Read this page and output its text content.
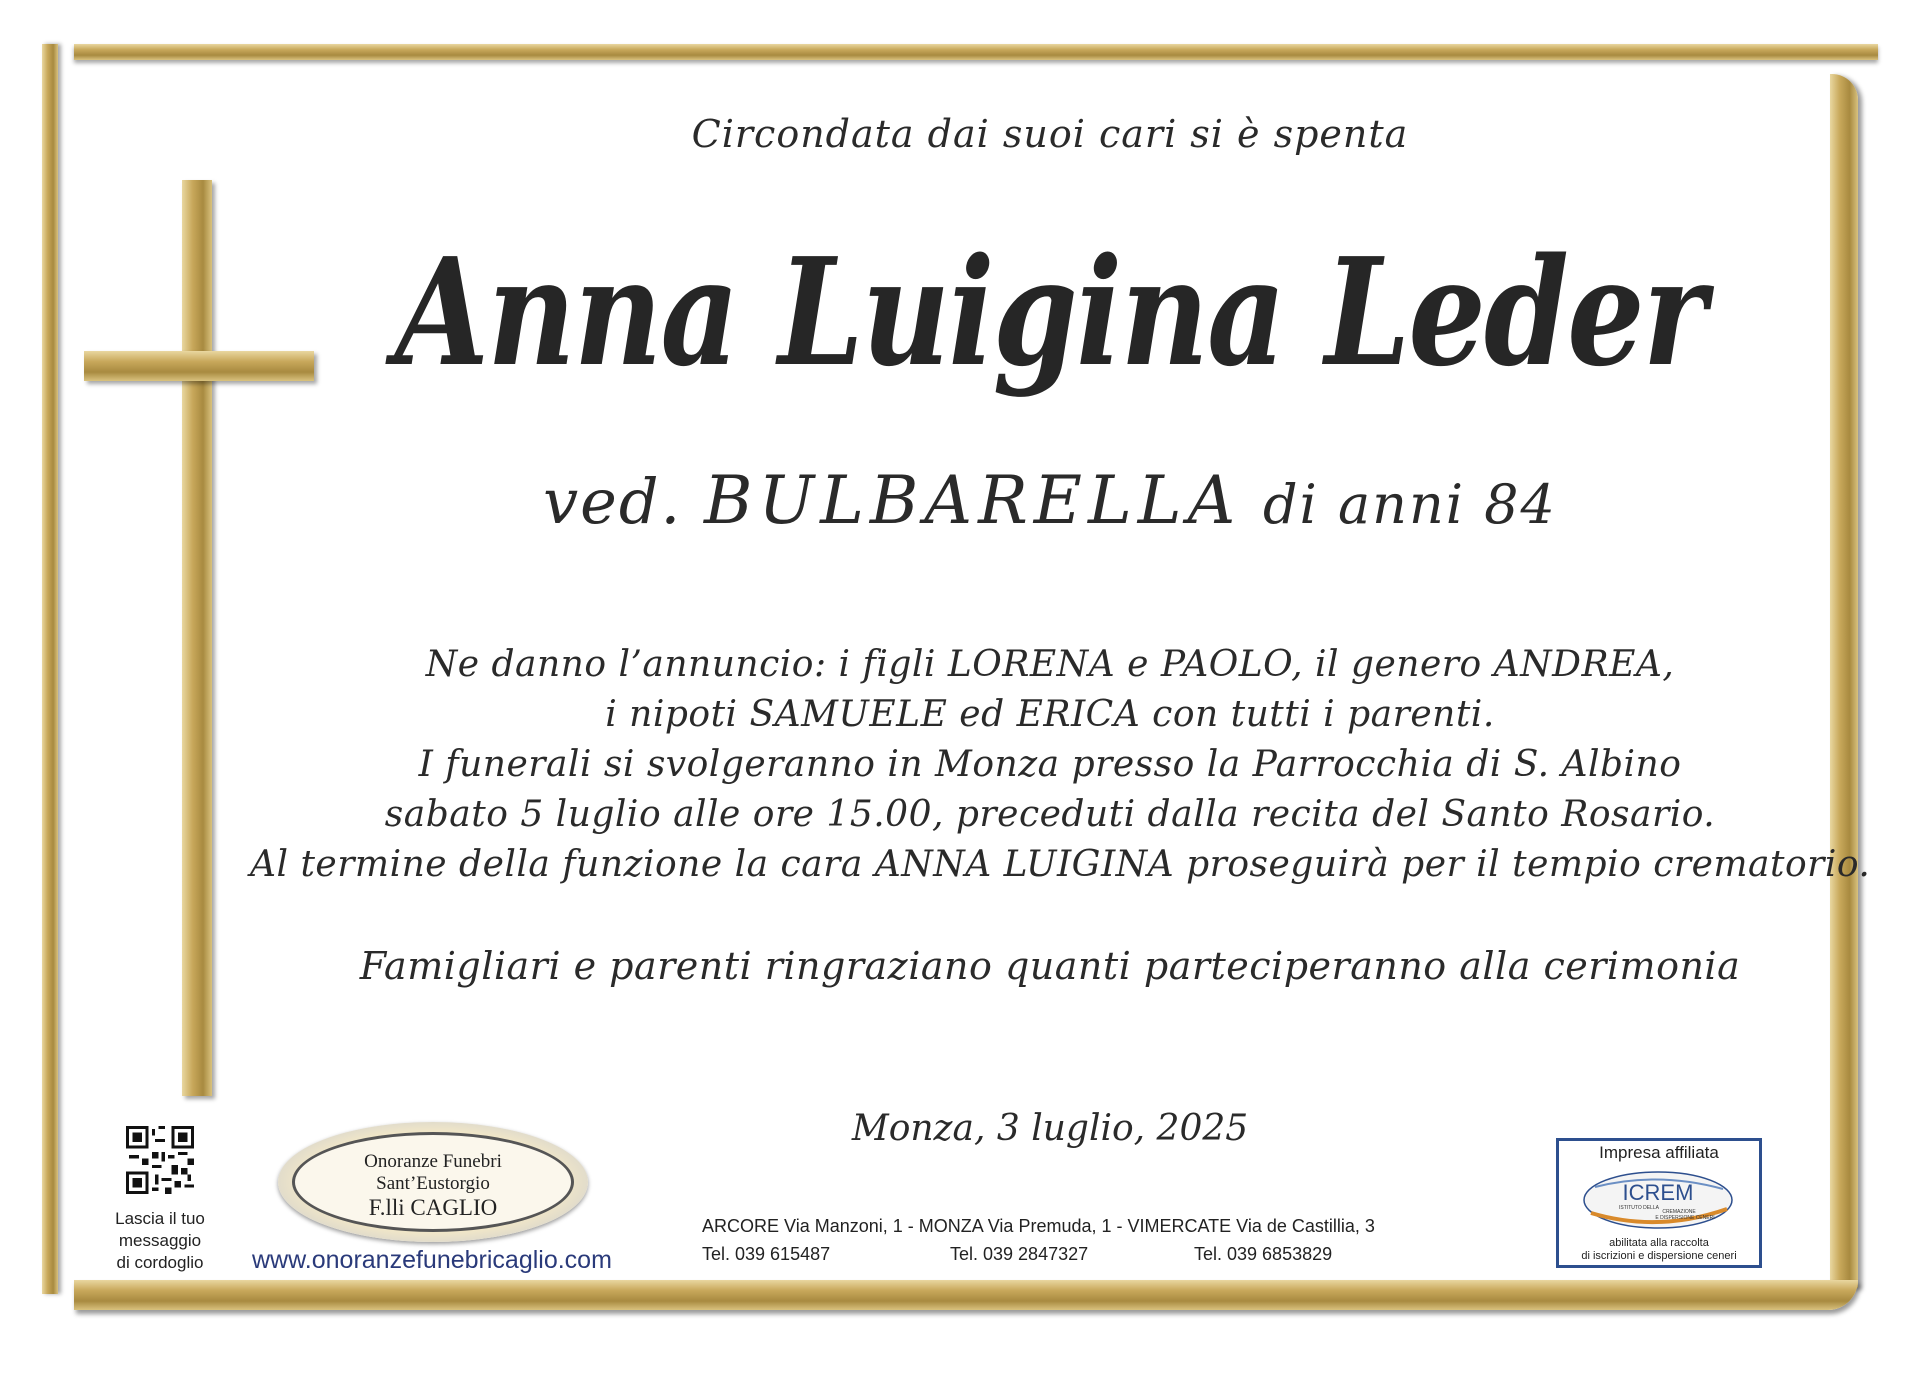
Circondata dai suoi cari si è spenta
Anna Luigina Leder
ved. BULBARELLA di anni 84
Ne danno l’annuncio: i figli LORENA e PAOLO, il genero ANDREA,
i nipoti SAMUELE ed ERICA con tutti i parenti.
I funerali si svolgeranno in Monza presso la Parrocchia di S. Albino
sabato 5 luglio alle ore 15.00, preceduti dalla recita del Santo Rosario.
Al termine della funzione la cara ANNA LUIGINA proseguirà per il tempio crematorio.
Famigliari e parenti ringraziano quanti parteciperanno alla cerimonia
Monza, 3 luglio, 2025
Lascia il tuo
messaggio
di cordoglio
Onoranze Funebri
Sant’Eustorgio
F.lli CAGLIO
www.onoranzefunebricaglio.com
ARCORE Via Manzoni, 1 - MONZA Via Premuda, 1 - VIMERCATE Via de Castillia, 3
Tel. 039 615487	Tel. 039 2847327	Tel. 039 6853829
Impresa affiliata
ICREM
ISTITUTO DELLA
CREMAZIONE
E DISPERSIONE CENERI
abilitata alla raccolta
di iscrizioni e dispersione ceneri
